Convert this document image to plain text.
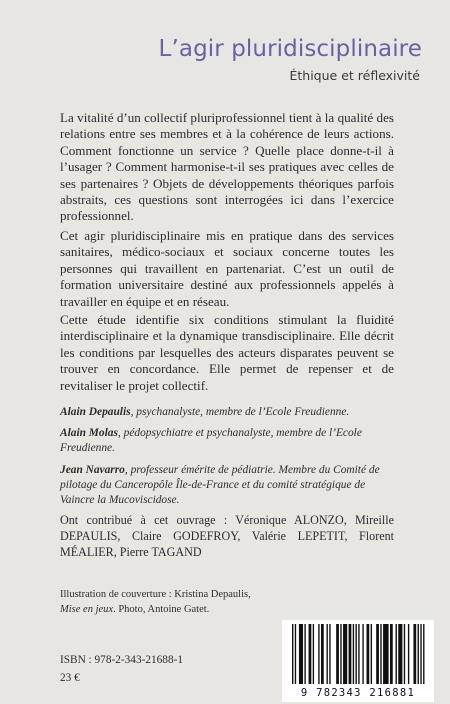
L’agir pluridisciplinaire
Éthique et réflexivité

La vitalité d’un collectif pluriprofessionnel tient à la qualité des relations entre ses membres et à la cohérence de leurs actions. Comment fonctionne un service ? Quelle place donne-t-il à l’usager ? Comment harmonise-t-il ses pratiques avec celles de ses partenaires ? Objets de développements théoriques parfois abstraits, ces questions sont interrogées ici dans l’exercice professionnel.

Cet agir pluridisciplinaire mis en pratique dans des services sanitaires, médico-sociaux et sociaux concerne toutes les personnes qui travaillent en partenariat. C’est un outil de formation universitaire destiné aux professionnels appelés à travailler en équipe et en réseau.

Cette étude identifie six conditions stimulant la fluidité interdisciplinaire et la dynamique transdisciplinaire. Elle décrit les conditions par lesquelles des acteurs disparates peuvent se trouver en concordance. Elle permet de repenser et de revitaliser le projet collectif.

Alain Depaulis, psychanalyste, membre de l’Ecole Freudienne.

Alain Molas, pédopsychiatre et psychanalyste, membre de l’Ecole Freudienne.

Jean Navarro, professeur émérite de pédiatrie. Membre du Comité de pilotage du Canceropôle Île-de-France et du comité stratégique de Vaincre la Mucoviscidose.

Ont contribué à cet ouvrage : Véronique ALONZO, Mireille DEPAULIS, Claire GODEFROY, Valérie LEPETIT, Florent MÉALIER, Pierre TAGAND

Illustration de couverture : Kristina Depaulis,
Mise en jeux. Photo, Antoine Gatet.
ISBN : 978-2-343-21688-1
23 €
9 782343 216881
